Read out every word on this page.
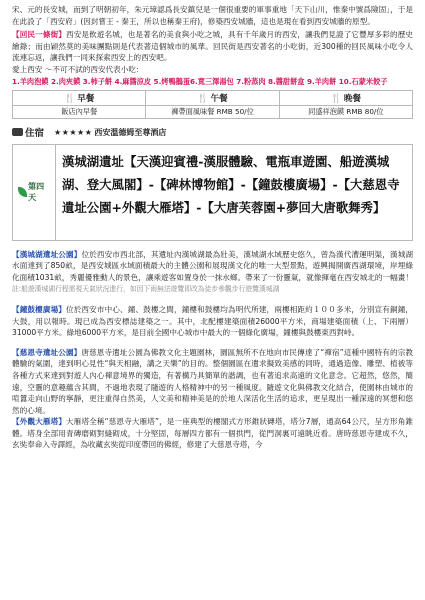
宋、元的長安城，而到了明朝初年，朱元璋認爲長安鎮兒是一個很重要的軍事重地「天下山川，惟秦中號爲險固」，于是在此設了「西安府」(因封嘗王 - 秦王，所以也稱秦王府)，修築西安城牆，這也是現在看到西安城牆的原型。

【回民一條街】西安是飲遊名城，也是著名的美食與小吃之城，具有千年歲月的西安，讓我們見證了它豐厚多彩的歷史繪錄；而由穎然莫的美味團點則是代表著這個城市的風華。回民街是西安著名的小吃街，近300種的回民風味小吃令人流連忘返，讓我們一同來探索西安上的西安吧。

愛上西安 ～不可不試的西安代表小吃：

1.羊肉泡饃 2.肉夾饃 3.柿子餅 4.麻醬涼皮 5.烤鴨鵝蛋6.寬三澤湯包 7.粉蒸肉 8.醬甜餅盒 9.羊肉餅 10.石蒙米餃子

🍴 早餐	🍴 午餐	🍴 晚餐
飯店內早餐	褲帶面風味餐 RMB 50/位	同盛祥泡饃 RMB 80/位
住宿 ★★★★★ 西安溫德姆至尊酒店
第四天
漢城湖遺址【天漢迎賓禮-漢服體驗、電瓶車遊園、船遊漢城湖、登大風閣】-【碑林博物館】-【鐘鼓樓廣場】-【大慈恩寺遺址公園+外觀大雁塔】-【大唐芙蓉園+夢回大唐歌舞秀】

【漢城湖遺址公園】位於西安市西北部，其遺址內漢城湖最為壯美，漢城湖水域歷史悠久，曾為漢代漕運明渠，漢城湖水面達到了850畝，是西安城區水域面積最大的主體公園和展現漢文化的唯一大型景點，遊興揭開廣西湖環境，岸埋綠化面積1031畝，秀麗優雅動人的景色，讓乘遊客如置身於一抹水鄉。帶來了一份靈氣，就像揮毫在西安城北的一幅畫！ 註:船遊漢城湖行程需視天氣狀況進行，如因下雨無法遊覽即改為徒步參觀步行遊覽漢城湖

【鐘鼓樓廣場】位於西安市中心、鐘、鼓樓之間，鐘樓和鼓樓均為明代所建，兩樓相距約１００多米，分別宣有銅鐘，大鼓，用以報時。現已成為西安標誌建築之一。其中，北配樓建築面積26000平方米，商場建築面積（上、下兩層）31000平方米。綠地6000平方米，是目前全國中心城市中最大的一個綠化廣場，鐘樓與鼓樓東西對峙。

【慈恩寺遺址公園】唐慈恩寺遺址公園為佛教文化主題園林，園區無所不在地向市民傳達了“禪宿”這種中國特有的宗教體驗的氣圍，達到明心見性“與天相融，講之天樂”的目的。整個園區在遺求擬致美感的同時，通過造像、雕塑、植被等各種方式來達到對遊人內心禪意境界的獨造，有著構乃具簡單的諧調，也有著追求高遠的文化意念。它超然，悠然，簡遠，空靈的意趣蘊含其間，不過地表現了隨遊的人格精神中的另一種風度。隨遊文化與佛教文化結合，使園林由城市的喧囂走向山野的寧靜，更注重得自然美，人文美和精神美是的於地人深活化生活的追求，更呈現出一種深遠的冥想和悠然的心境。

【外觀大雁塔】大雁塔全稱“慈恩寺大雁塔”，是一座典型的樓閣式方形錐狀磚塔，塔分7層，通高64公尺，呈方形角錐體。塔身全部用青磚磨砌對縫砌成，十分堅固，每層四方都有一個拱門，從門洞裏可遠眺近看。唐時慈恩寺建成不久，玄奘奉命入寺譯經，為收藏玄奘從印度帶回的佛經，修建了大慈恩寺塔，今
